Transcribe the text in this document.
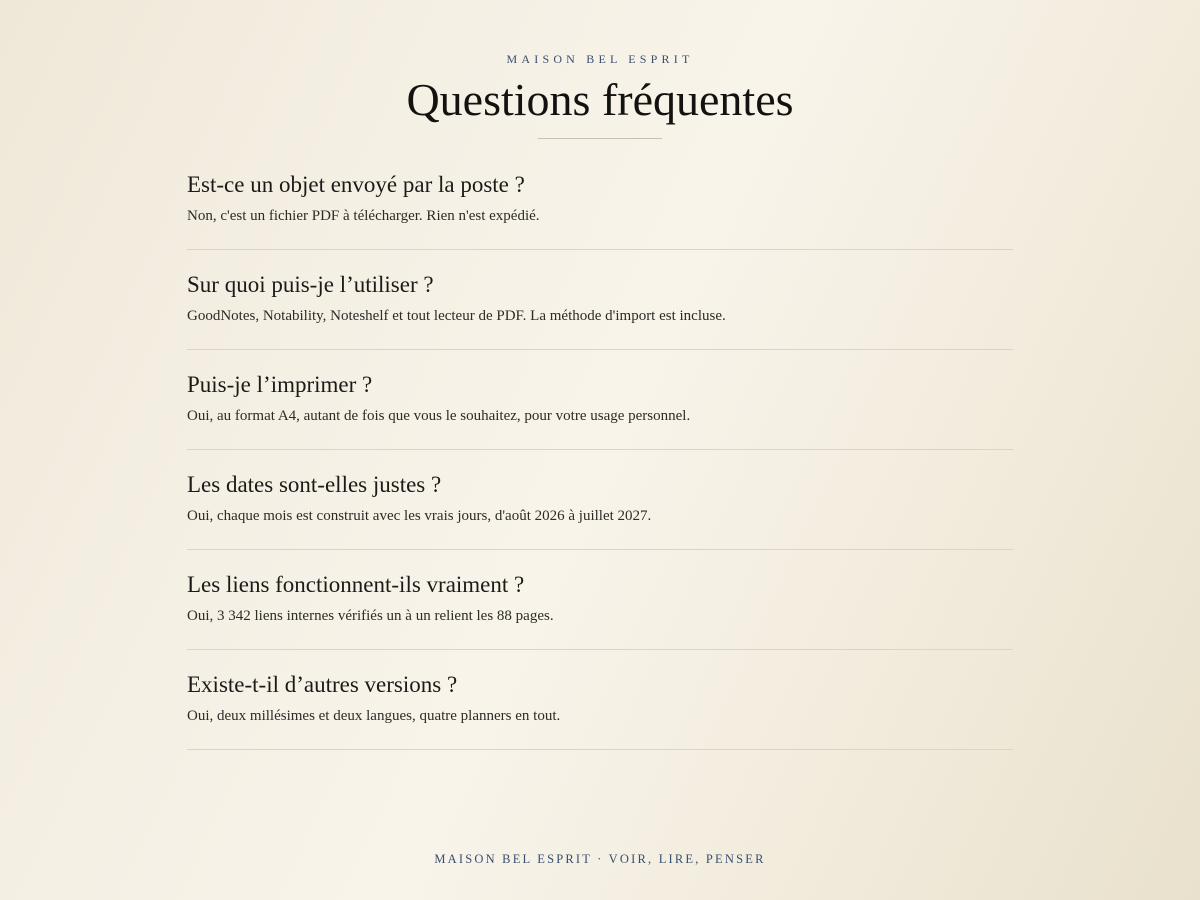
MAISON BEL ESPRIT
Questions fréquentes
Est-ce un objet envoyé par la poste ?

Non, c'est un fichier PDF à télécharger. Rien n'est expédié.

Sur quoi puis-je l’utiliser ?

GoodNotes, Notability, Noteshelf et tout lecteur de PDF. La méthode d'import est incluse.

Puis-je l’imprimer ?

Oui, au format A4, autant de fois que vous le souhaitez, pour votre usage personnel.

Les dates sont-elles justes ?

Oui, chaque mois est construit avec les vrais jours, d'août 2026 à juillet 2027.

Les liens fonctionnent-ils vraiment ?

Oui, 3 342 liens internes vérifiés un à un relient les 88 pages.

Existe-t-il d’autres versions ?

Oui, deux millésimes et deux langues, quatre planners en tout.

MAISON BEL ESPRIT · VOIR, LIRE, PENSER
